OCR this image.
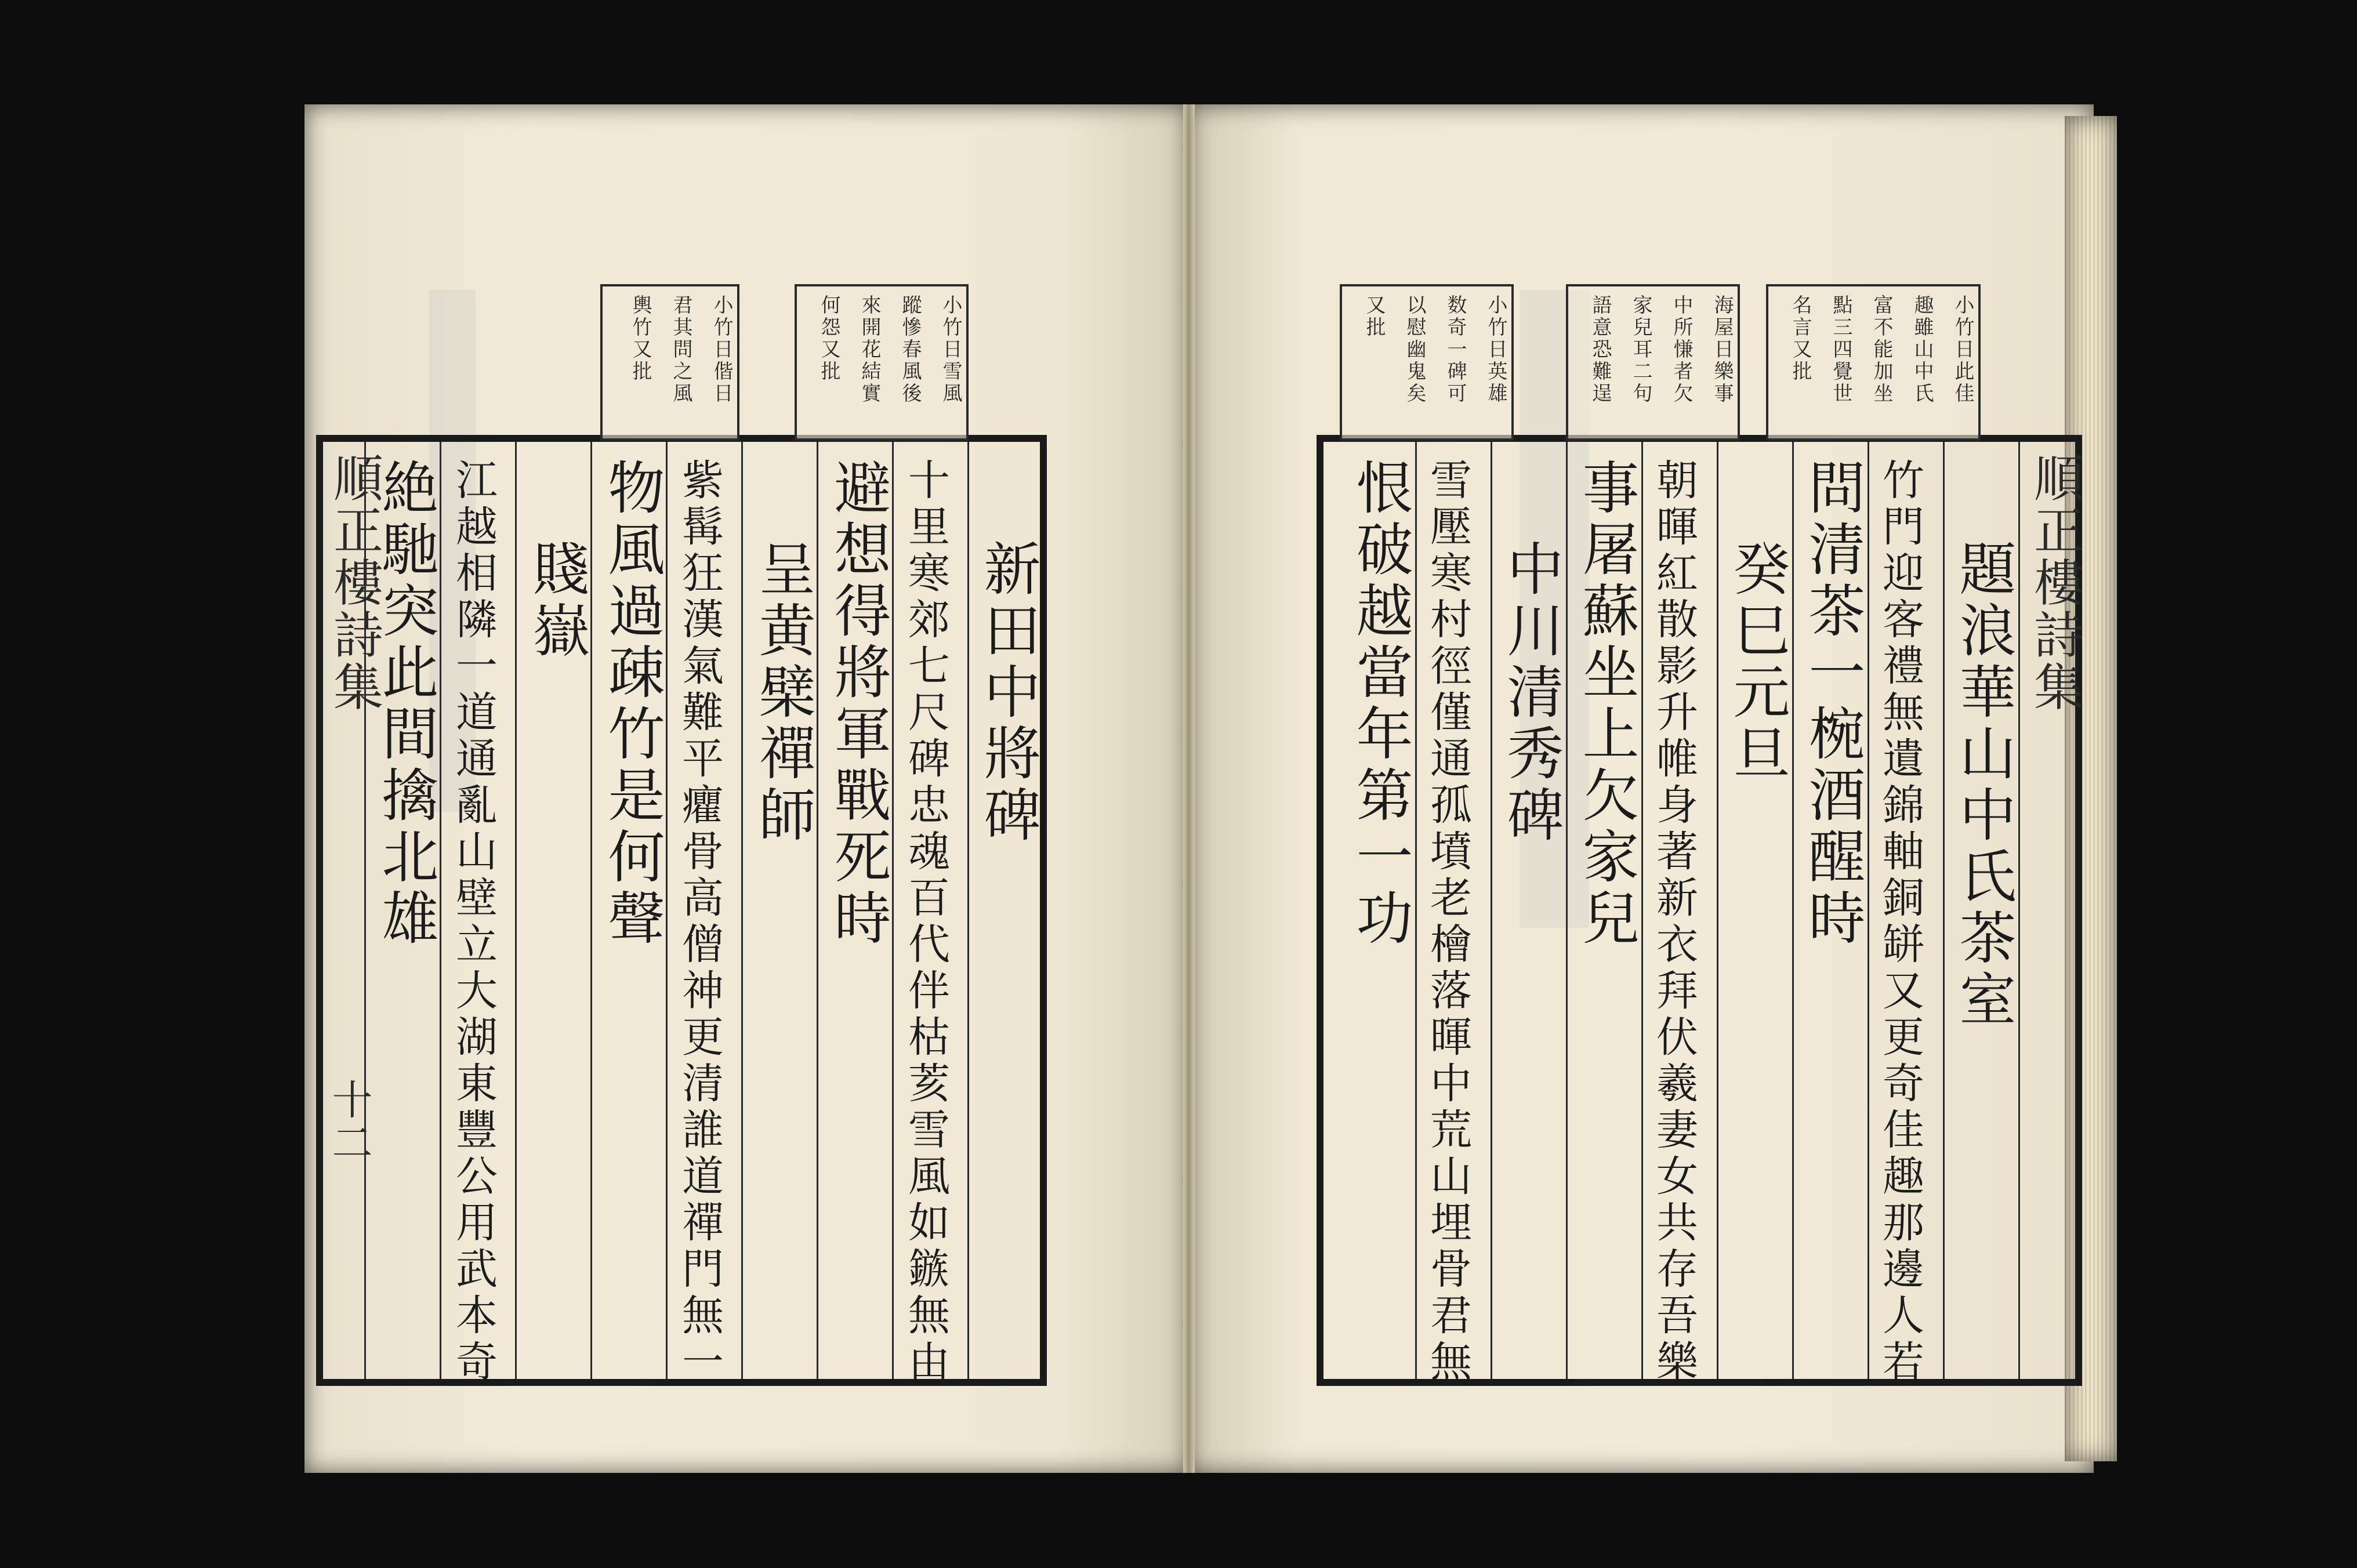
順正樓詩集
十二
新田中將碑
十里寒郊七尺碑忠魂百代伴枯荄雪風如鏃無由
避想得將軍戰死時
呈黄檗禪師
紫髯狂漢氣難平癯骨高僧神更清誰道禪門無一
物風過疎竹是何聲
賤嶽
江越相隣一道通亂山壁立大湖東豐公用武本奇
絶馳突此間擒北雄
小竹日雪風
蹤慘春風後
來開花結實
何怨又批
小竹日偕日
君其問之風
輿竹又批
順正樓詩集
題浪華山中氏茶室
竹門迎客禮無遺錦軸銅缾又更奇佳趣那邊人若
問清茶一椀酒醒時
癸巳元旦
朝暉紅散影升帷身著新衣拜伏羲妻女共存吾樂
事屠蘇坐上欠家兒
中川清秀碑
雪壓寒村徑僅通孤墳老檜落暉中荒山埋骨君無
恨破越當年第一功
小竹日此佳
趣雖山中氏
富不能加坐
點三四覺世
名言又批
海屋日樂事
中所慊者欠
家兒耳二句
語意恐難逞
小竹日英雄
数奇一碑可
以慰幽鬼矣
又批
